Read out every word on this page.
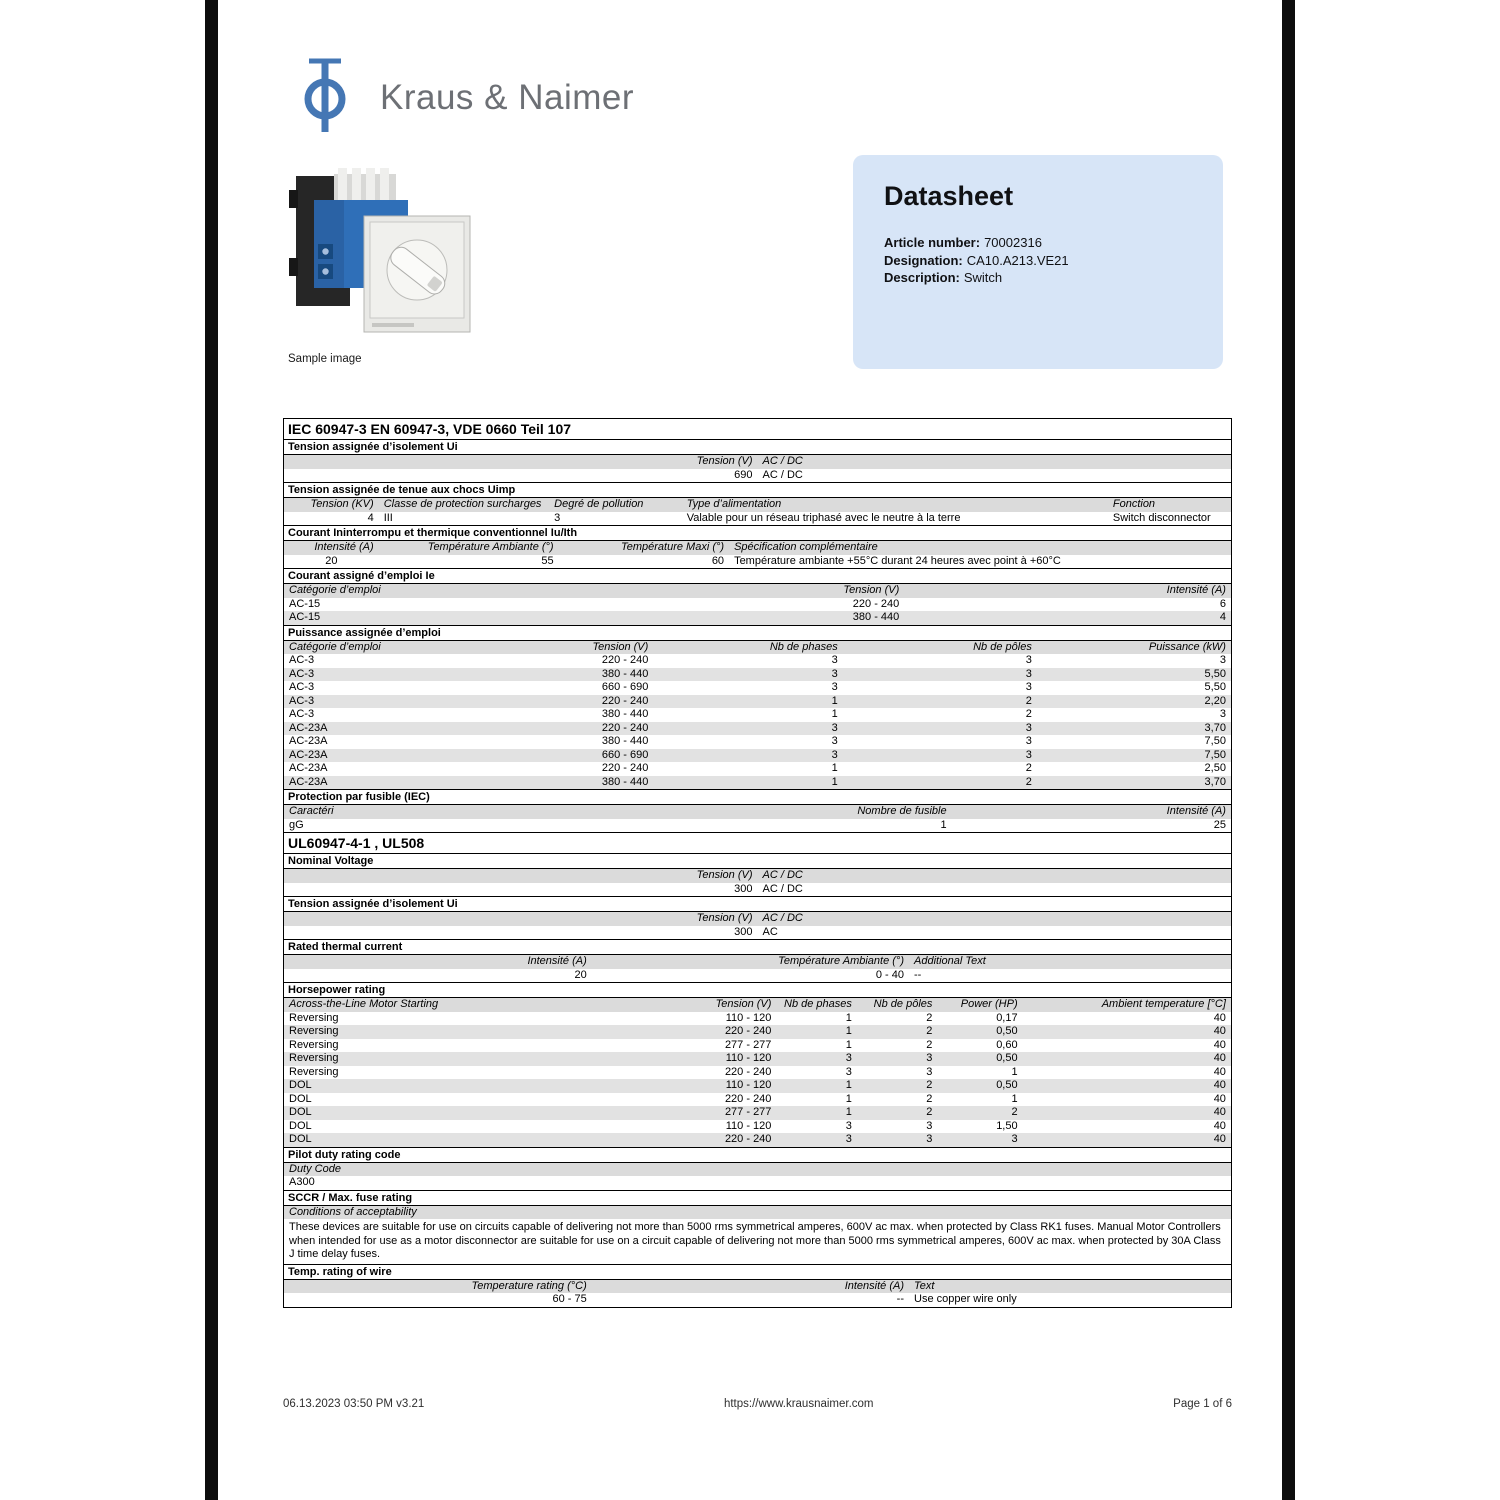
Kraus & Naimer
Sample image
Datasheet
Article number: 70002316
Designation: CA10.A213.VE21
Description: Switch
IEC 60947-3 EN 60947-3, VDE 0660 Teil 107
Tension assignée d’isolement Ui
Tension (V) AC / DC
690 AC / DC
Tension assignée de tenue aux chocs Uimp
Tension (KV) Classe de protection surcharges	Degré de pollution	Type d’alimentation	Fonction
4 III	3	Valable pour un réseau triphasé avec le neutre à la terre	Switch disconnector
Courant Ininterrompu et thermique conventionnel Iu/Ith
Intensité (A)	Température Ambiante (°)	Température Maxi (°) Spécification complémentaire
20	55	60 Température ambiante +55°C durant 24 heures avec point à +60°C
Courant assigné d’emploi Ie
Catégorie d’emploi	Tension (V)	Intensité (A)
AC-15	220 - 240	6
AC-15	380 - 440	4
Puissance assignée d’emploi
Catégorie d’emploi	Tension (V)	Nb de phases	Nb de pôles	Puissance (kW)
AC-3	220 - 240	3	3	3
AC-3	380 - 440	3	3	5,50
AC-3	660 - 690	3	3	5,50
AC-3	220 - 240	1	2	2,20
AC-3	380 - 440	1	2	3
AC-23A	220 - 240	3	3	3,70
AC-23A	380 - 440	3	3	7,50
AC-23A	660 - 690	3	3	7,50
AC-23A	220 - 240	1	2	2,50
AC-23A	380 - 440	1	2	3,70
Protection par fusible (IEC)
Caractéri	Nombre de fusible	Intensité (A)
gG	1	25
UL60947-4-1 , UL508
Nominal Voltage
Tension (V) AC / DC
300 AC / DC
Tension assignée d’isolement Ui
Tension (V) AC / DC
300 AC
Rated thermal current
Intensité (A)	Température Ambiante (°) Additional Text
20	0 - 40 --
Horsepower rating
Across-the-Line Motor Starting	Tension (V)	Nb de phases	Nb de pôles	Power (HP)	Ambient temperature [°C]
Reversing	110 - 120	1	2	0,17	40
Reversing	220 - 240	1	2	0,50	40
Reversing	277 - 277	1	2	0,60	40
Reversing	110 - 120	3	3	0,50	40
Reversing	220 - 240	3	3	1	40
DOL	110 - 120	1	2	0,50	40
DOL	220 - 240	1	2	1	40
DOL	277 - 277	1	2	2	40
DOL	110 - 120	3	3	1,50	40
DOL	220 - 240	3	3	3	40
Pilot duty rating code
Duty Code
A300
SCCR / Max. fuse rating
Conditions of acceptability
These devices are suitable for use on circuits capable of delivering not more than 5000 rms symmetrical amperes, 600V ac max. when protected by Class RK1 fuses. Manual Motor Controllers when intended for use as a motor disconnector are suitable for use on a circuit capable of delivering not more than 5000 rms symmetrical amperes, 600V ac max. when protected by 30A Class J time delay fuses.
Temp. rating of wire
Temperature rating (°C)	Intensité (A) Text
60 - 75	-- Use copper wire only
06.13.2023 03:50 PM v3.21	https://www.krausnaimer.com	Page 1 of 6
